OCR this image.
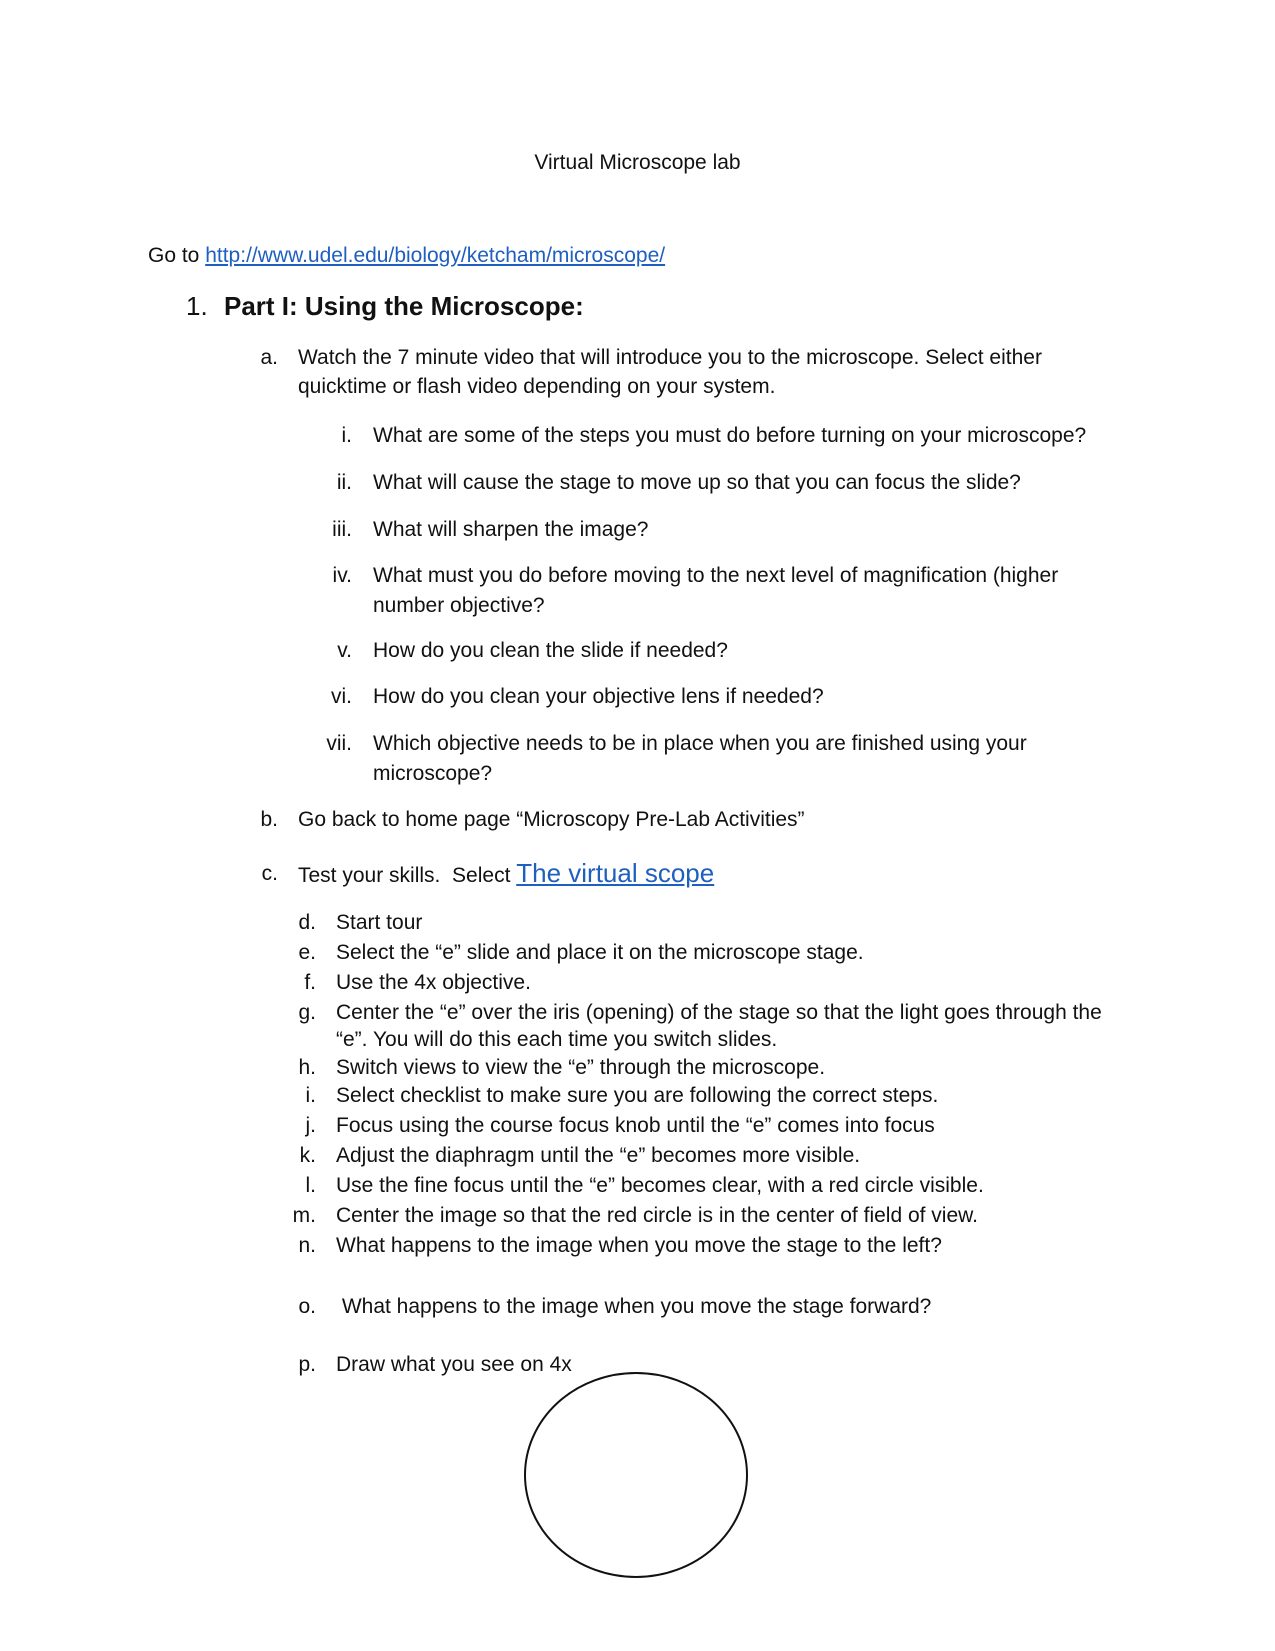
Virtual Microscope lab
Go to http://www.udel.edu/biology/ketcham/microscope/
1. Part I: Using the Microscope:
a. Watch the 7 minute video that will introduce you to the microscope. Select either
quicktime or flash video depending on your system.
i. What are some of the steps you must do before turning on your microscope?
ii. What will cause the stage to move up so that you can focus the slide?
iii. What will sharpen the image?
iv. What must you do before moving to the next level of magnification (higher
number objective?
v. How do you clean the slide if needed?
vi. How do you clean your objective lens if needed?
vii. Which objective needs to be in place when you are finished using your
microscope?
b. Go back to home page “Microscopy Pre-Lab Activities”
c. Test your skills.  Select The virtual scope
d. Start tour
e. Select the “e” slide and place it on the microscope stage.
f. Use the 4x objective.
g. Center the “e” over the iris (opening) of the stage so that the light goes through the
“e”. You will do this each time you switch slides.
h. Switch views to view the “e” through the microscope.
i. Select checklist to make sure you are following the correct steps.
j. Focus using the course focus knob until the “e” comes into focus
k. Adjust the diaphragm until the “e” becomes more visible.
l. Use the fine focus until the “e” becomes clear, with a red circle visible.
m. Center the image so that the red circle is in the center of field of view.
n. What happens to the image when you move the stage to the left?
o. What happens to the image when you move the stage forward?
p. Draw what you see on 4x
